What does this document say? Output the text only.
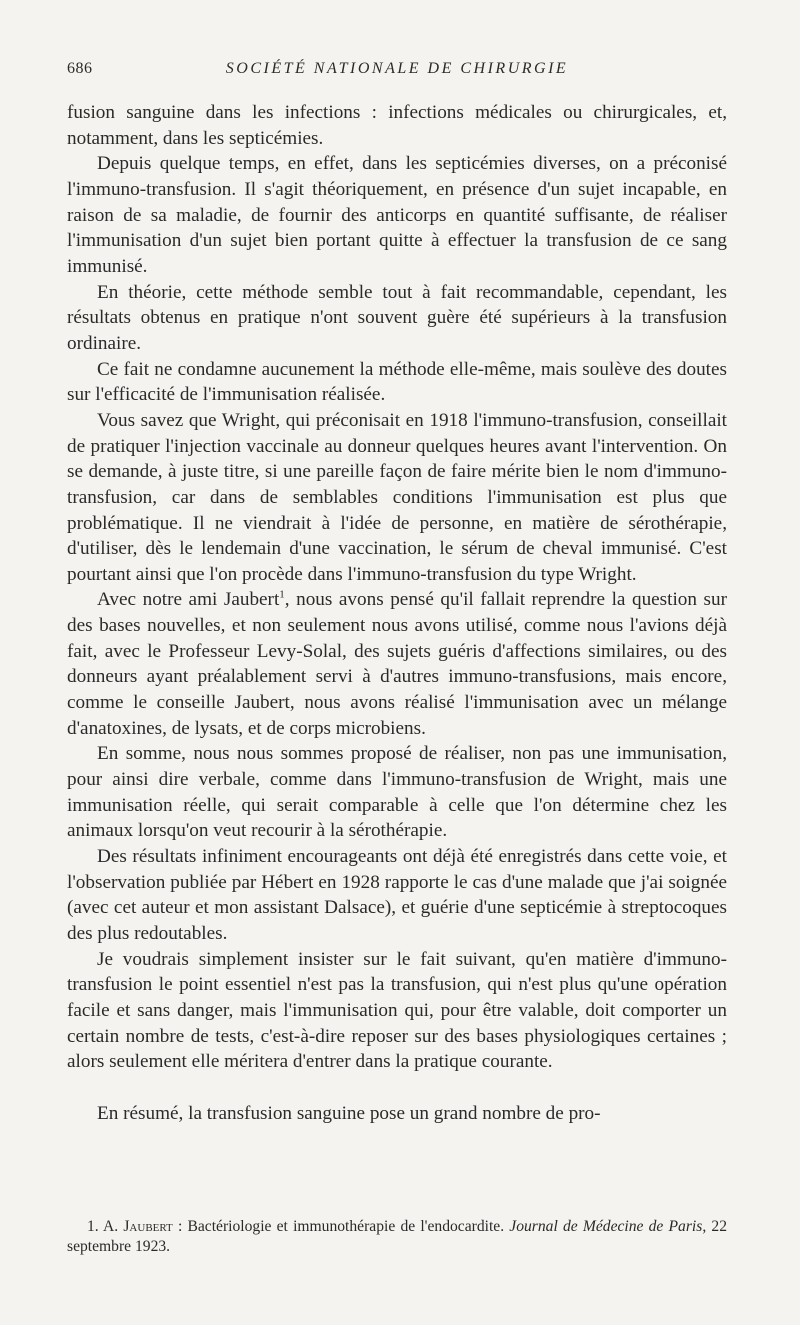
686	SOCIÉTÉ NATIONALE DE CHIRURGIE

fusion sanguine dans les infections : infections médicales ou chirurgicales, et, notamment, dans les septicémies.

Depuis quelque temps, en effet, dans les septicémies diverses, on a préconisé l'immuno-transfusion. Il s'agit théoriquement, en présence d'un sujet incapable, en raison de sa maladie, de fournir des anticorps en quantité suffisante, de réaliser l'immunisation d'un sujet bien portant quitte à effectuer la transfusion de ce sang immunisé.

En théorie, cette méthode semble tout à fait recommandable, cependant, les résultats obtenus en pratique n'ont souvent guère été supérieurs à la transfusion ordinaire.

Ce fait ne condamne aucunement la méthode elle-même, mais soulève des doutes sur l'efficacité de l'immunisation réalisée.

Vous savez que Wright, qui préconisait en 1918 l'immuno-transfusion, conseillait de pratiquer l'injection vaccinale au donneur quelques heures avant l'intervention. On se demande, à juste titre, si une pareille façon de faire mérite bien le nom d'immuno-transfusion, car dans de semblables conditions l'immunisation est plus que problématique. Il ne viendrait à l'idée de personne, en matière de sérothérapie, d'utiliser, dès le lendemain d'une vaccination, le sérum de cheval immunisé. C'est pourtant ainsi que l'on procède dans l'immuno-transfusion du type Wright.

Avec notre ami Jaubert$^1$, nous avons pensé qu'il fallait reprendre la question sur des bases nouvelles, et non seulement nous avons utilisé, comme nous l'avions déjà fait, avec le Professeur Levy-Solal, des sujets guéris d'affections similaires, ou des donneurs ayant préalablement servi à d'autres immuno-transfusions, mais encore, comme le conseille Jaubert, nous avons réalisé l'immunisation avec un mélange d'anatoxines, de lysats, et de corps microbiens.

En somme, nous nous sommes proposé de réaliser, non pas une immunisation, pour ainsi dire verbale, comme dans l'immuno-transfusion de Wright, mais une immunisation réelle, qui serait comparable à celle que l'on détermine chez les animaux lorsqu'on veut recourir à la sérothérapie.

Des résultats infiniment encourageants ont déjà été enregistrés dans cette voie, et l'observation publiée par Hébert en 1928 rapporte le cas d'une malade que j'ai soignée (avec cet auteur et mon assistant Dalsace), et guérie d'une septicémie à streptocoques des plus redoutables.

Je voudrais simplement insister sur le fait suivant, qu'en matière d'immuno-transfusion le point essentiel n'est pas la transfusion, qui n'est plus qu'une opération facile et sans danger, mais l'immunisation qui, pour être valable, doit comporter un certain nombre de tests, c'est-à-dire reposer sur des bases physiologiques certaines ; alors seulement elle méritera d'entrer dans la pratique courante.

En résumé, la transfusion sanguine pose un grand nombre de pro-

1. A. Jaubert : Bactériologie et immunothérapie de l'endocardite. Journal de Médecine de Paris, 22 septembre 1923.
